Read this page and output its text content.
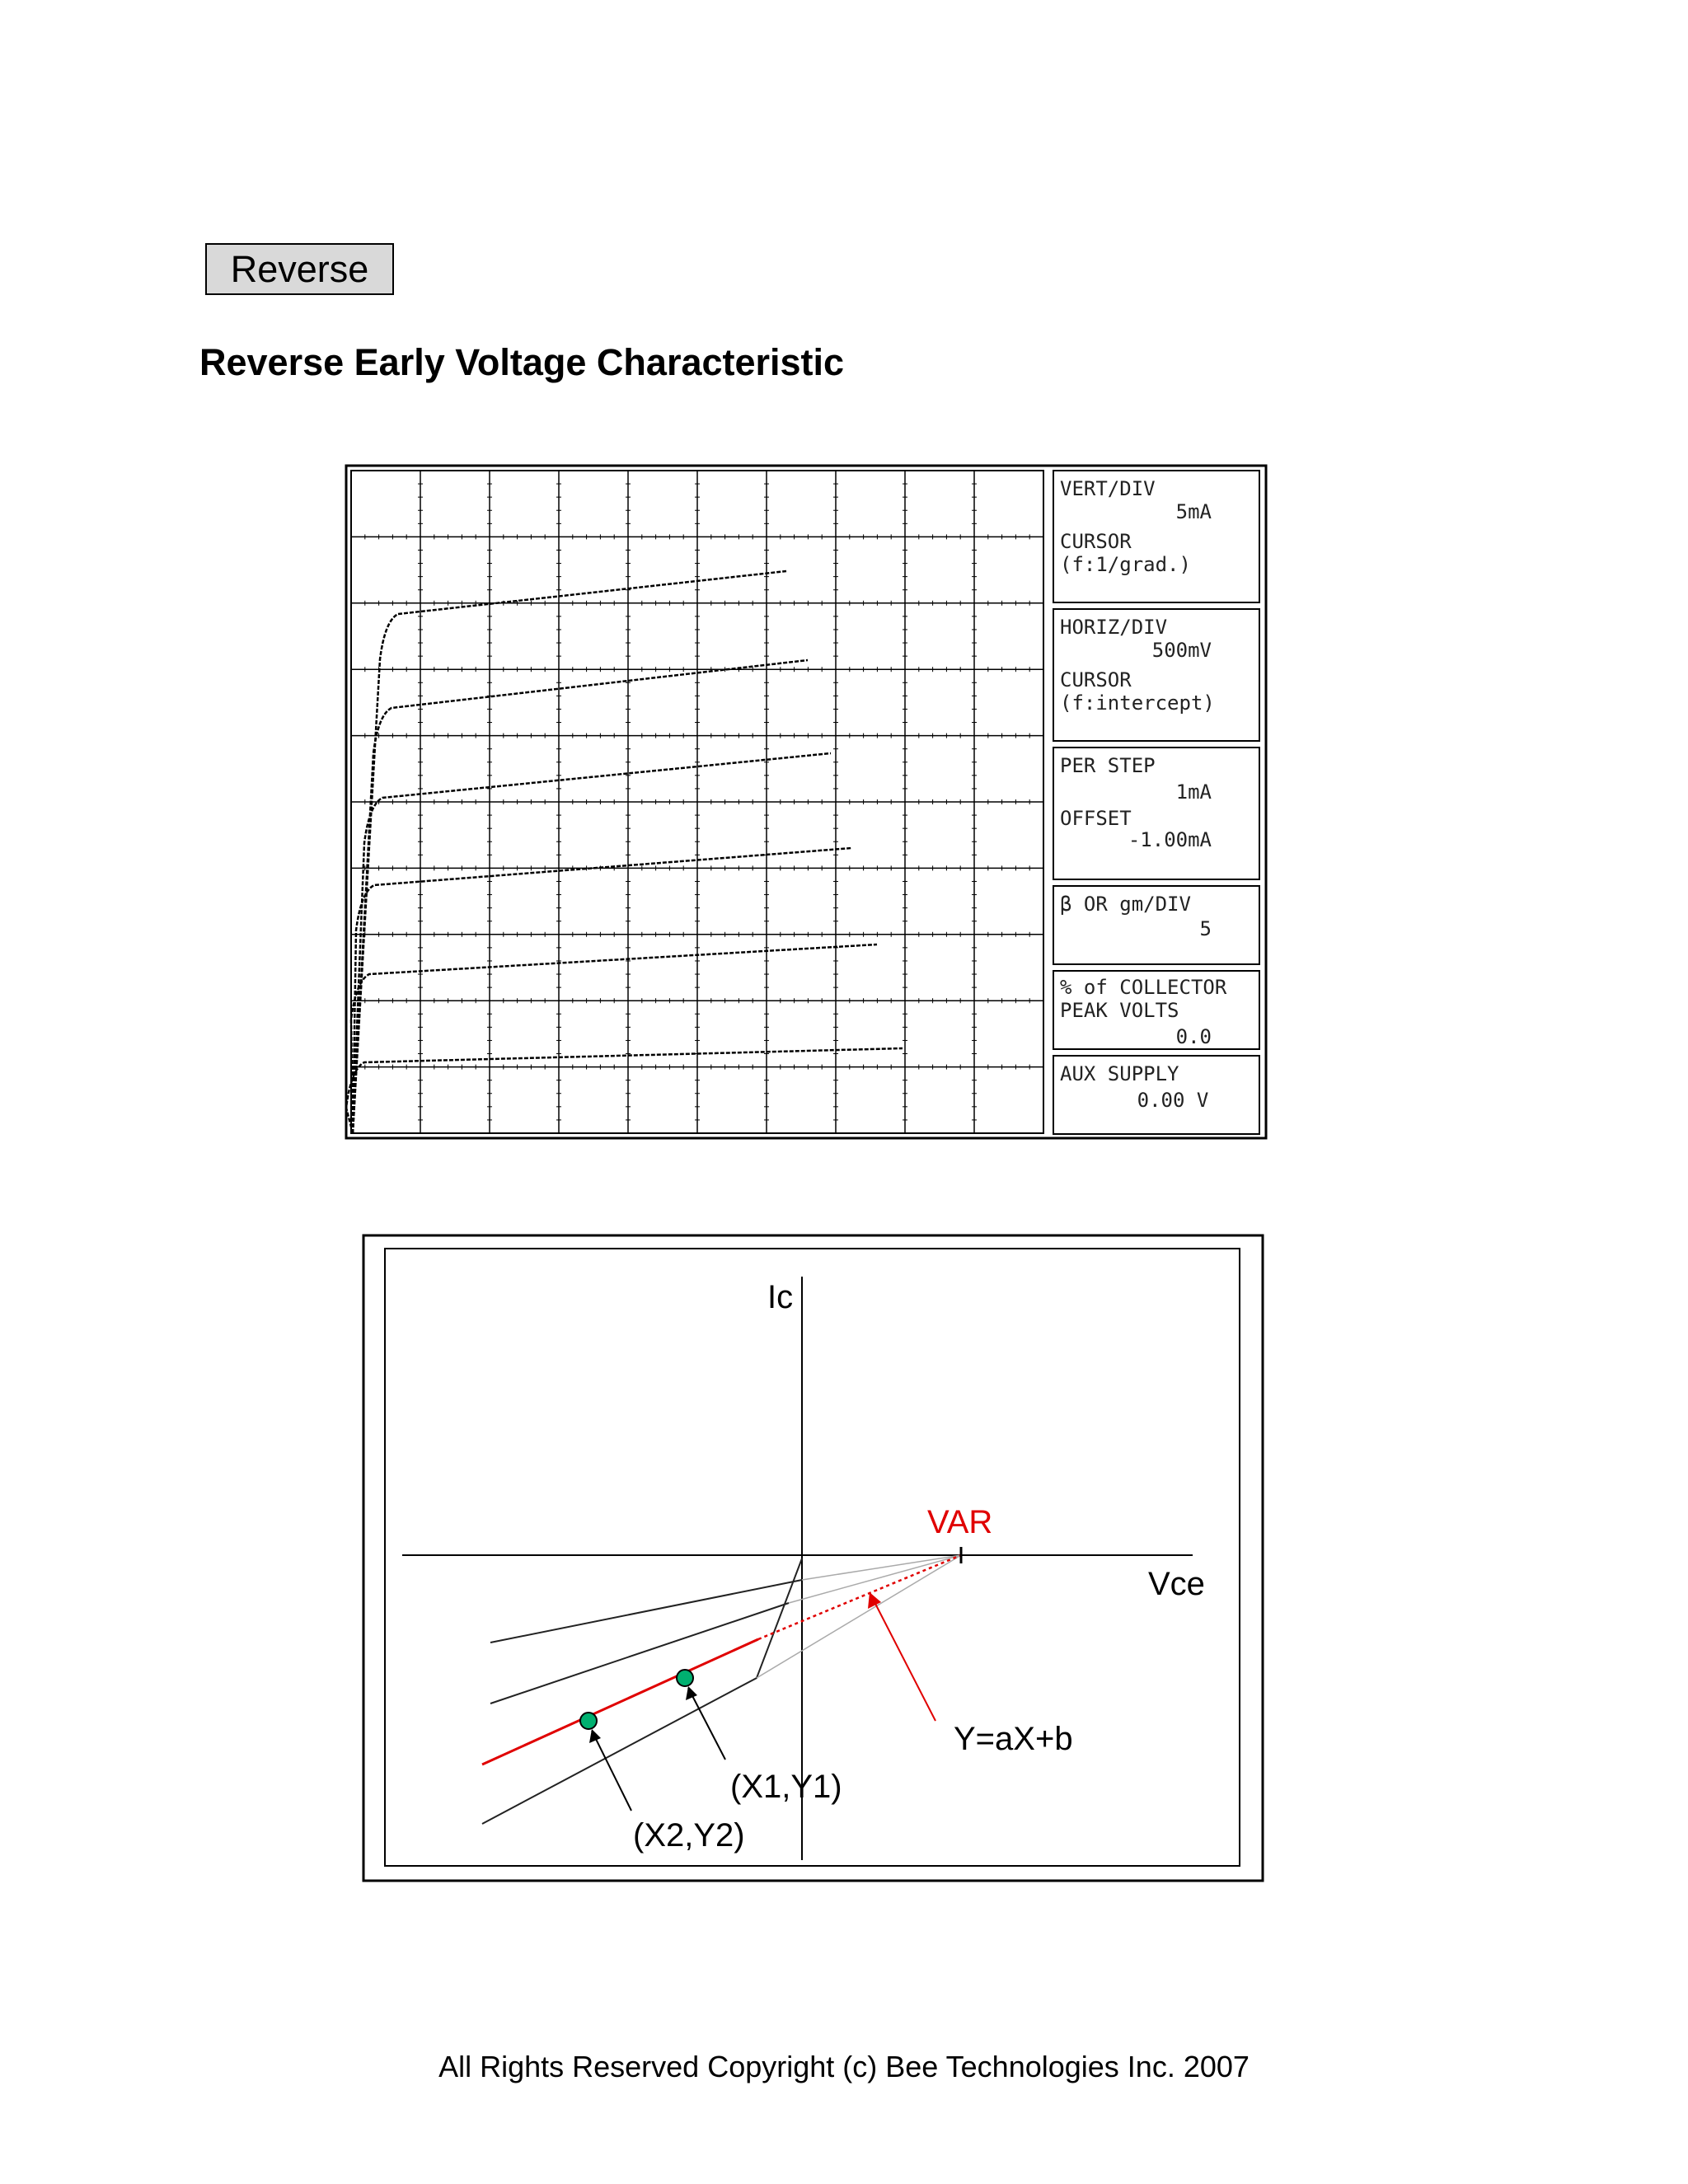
Reverse
Reverse Early Voltage Characteristic
VERT/DIV
5mA
CURSOR
(f:1/grad.)
HORIZ/DIV
500mV
CURSOR
(f:intercept)
PER STEP
1mA
OFFSET
-1.00mA
β OR gm/DIV
5
% of COLLECTOR
PEAK VOLTS
0.0
AUX SUPPLY
0.00 V
Ic
Vce
VAR
Y=aX+b
(X1,Y1)
(X2,Y2)
All Rights Reserved Copyright (c) Bee Technologies Inc. 2007
